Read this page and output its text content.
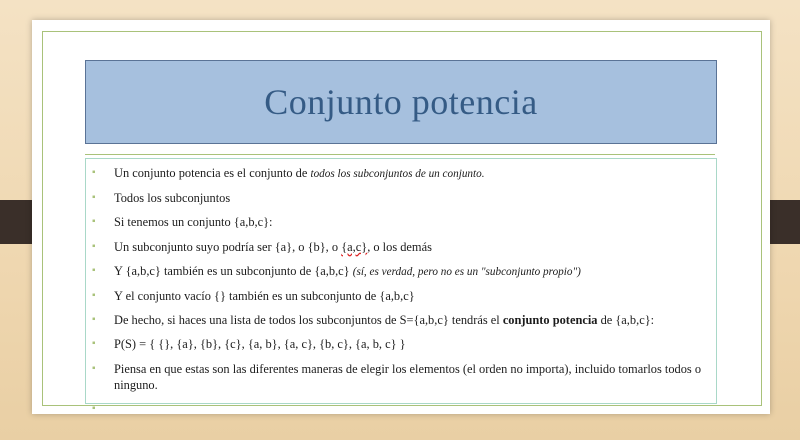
Conjunto potencia
▪ Un conjunto potencia es el conjunto de todos los subconjuntos de un conjunto.
▪ Todos los subconjuntos
▪ Si tenemos un conjunto {a,b,c}:
▪ Un subconjunto suyo podría ser {a}, o {b}, o {a,c}, o los demás
▪ Y {a,b,c} también es un subconjunto de {a,b,c} (sí, es verdad, pero no es un "subconjunto propio")
▪ Y el conjunto vacío {} también es un subconjunto de {a,b,c}
▪ De hecho, si haces una lista de todos los subconjuntos de S={a,b,c} tendrás el conjunto potencia de {a,b,c}:
▪ P(S) = { {}, {a}, {b}, {c}, {a, b}, {a, c}, {b, c}, {a, b, c} }
▪ Piensa en que estas son las diferentes maneras de elegir los elementos (el orden no importa), incluido tomarlos todos o ninguno.
▪
